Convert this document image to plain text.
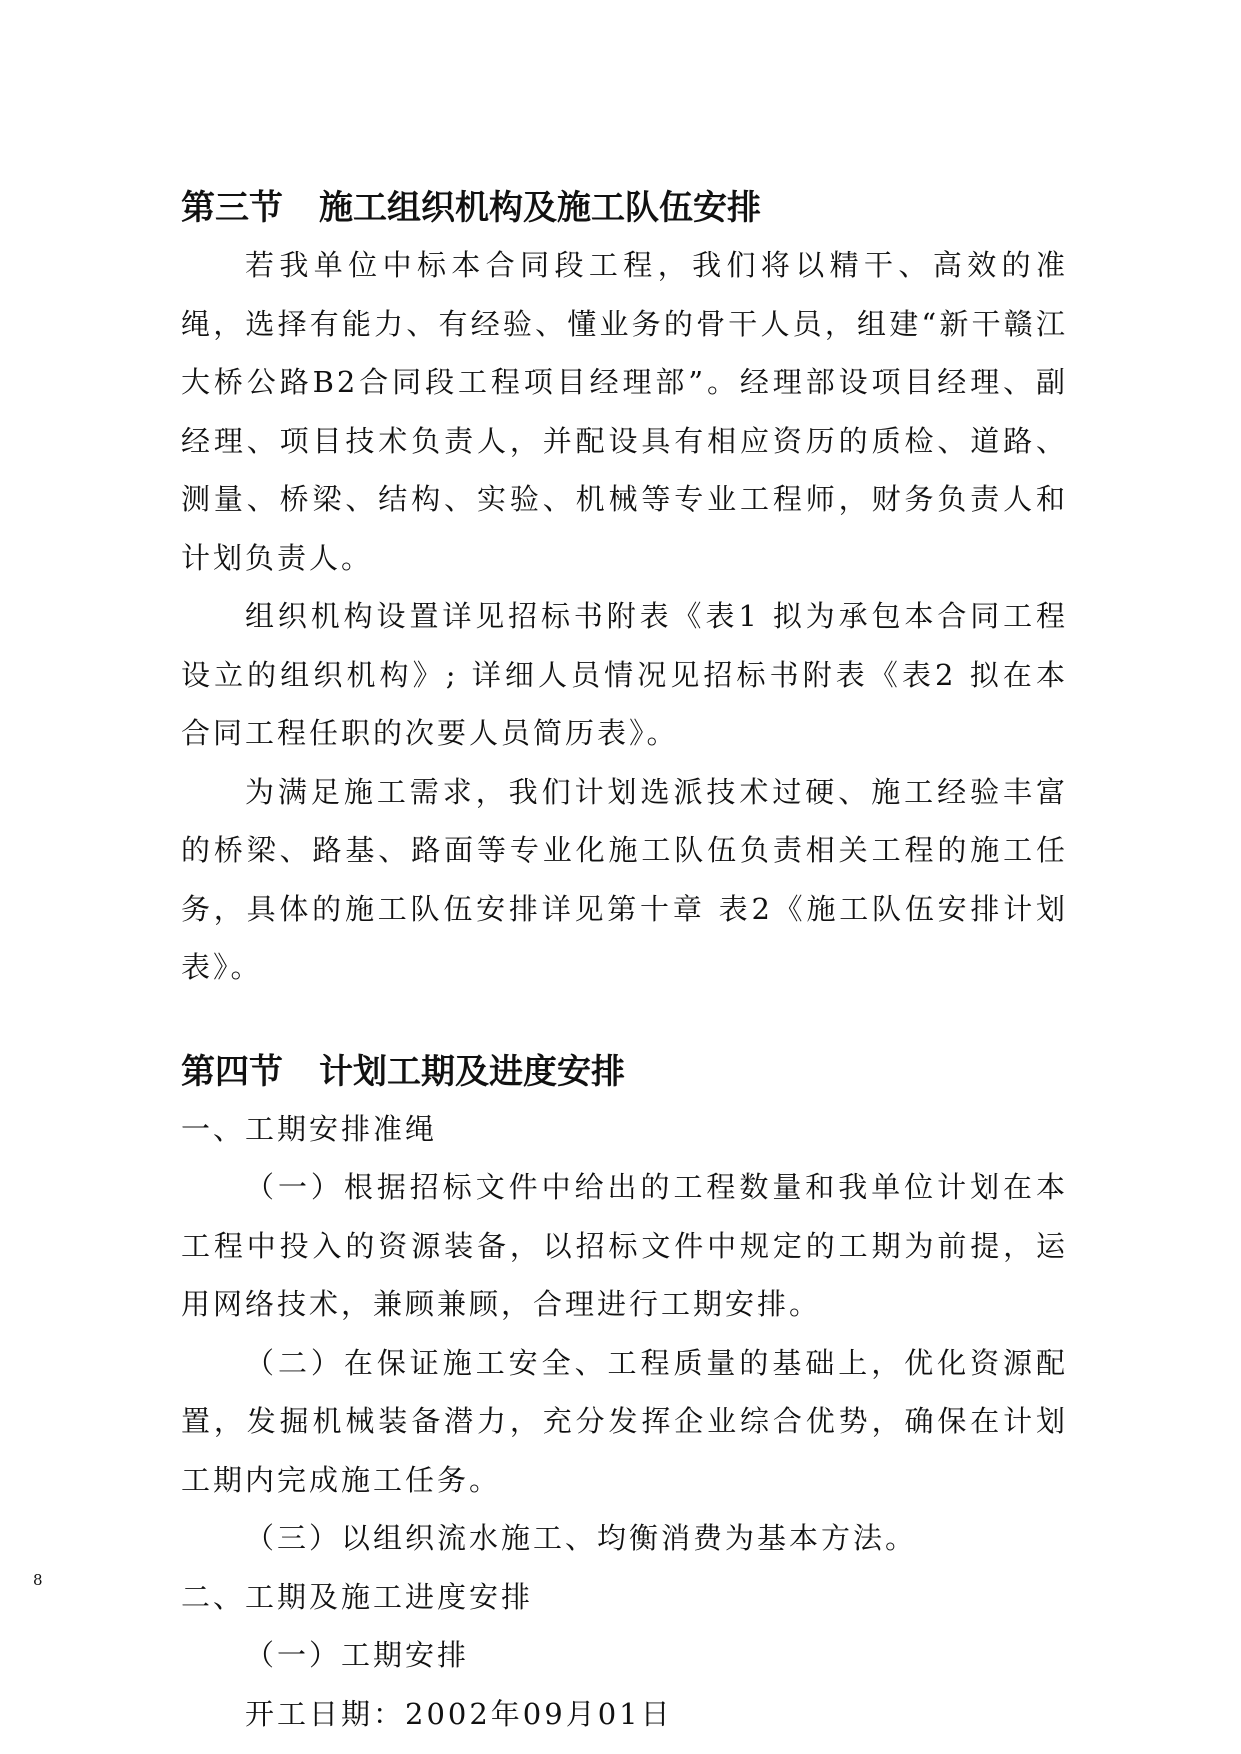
第三节 施工组织机构及施工队伍安排

若我单位中标本合同段工程，我们将以精干、高效的准绳，选择有能力、有经验、懂业务的骨干人员，组建“新干赣江大桥公路B2合同段工程项目经理部”。经理部设项目经理、副经理、项目技术负责人，并配设具有相应资历的质检、道路、测量、桥梁、结构、实验、机械等专业工程师，财务负责人和计划负责人。

组织机构设置详见招标书附表《表1 拟为承包本合同工程设立的组织机构》; 详细人员情况见招标书附表《表2 拟在本合同工程任职的次要人员简历表》。

为满足施工需求，我们计划选派技术过硬、施工经验丰富的桥梁、路基、路面等专业化施工队伍负责相关工程的施工任务，具体的施工队伍安排详见第十章 表2《施工队伍安排计划表》。

第四节 计划工期及进度安排

一、工期安排准绳

（一）根据招标文件中给出的工程数量和我单位计划在本工程中投入的资源装备，以招标文件中规定的工期为前提，运用网络技术，兼顾兼顾，合理进行工期安排。

（二）在保证施工安全、工程质量的基础上，优化资源配置，发掘机械装备潜力，充分发挥企业综合优势，确保在计划工期内完成施工任务。

（三）以组织流水施工、均衡消费为基本方法。

二、工期及施工进度安排

（一）工期安排

开工日期：2002年09月01日

8
